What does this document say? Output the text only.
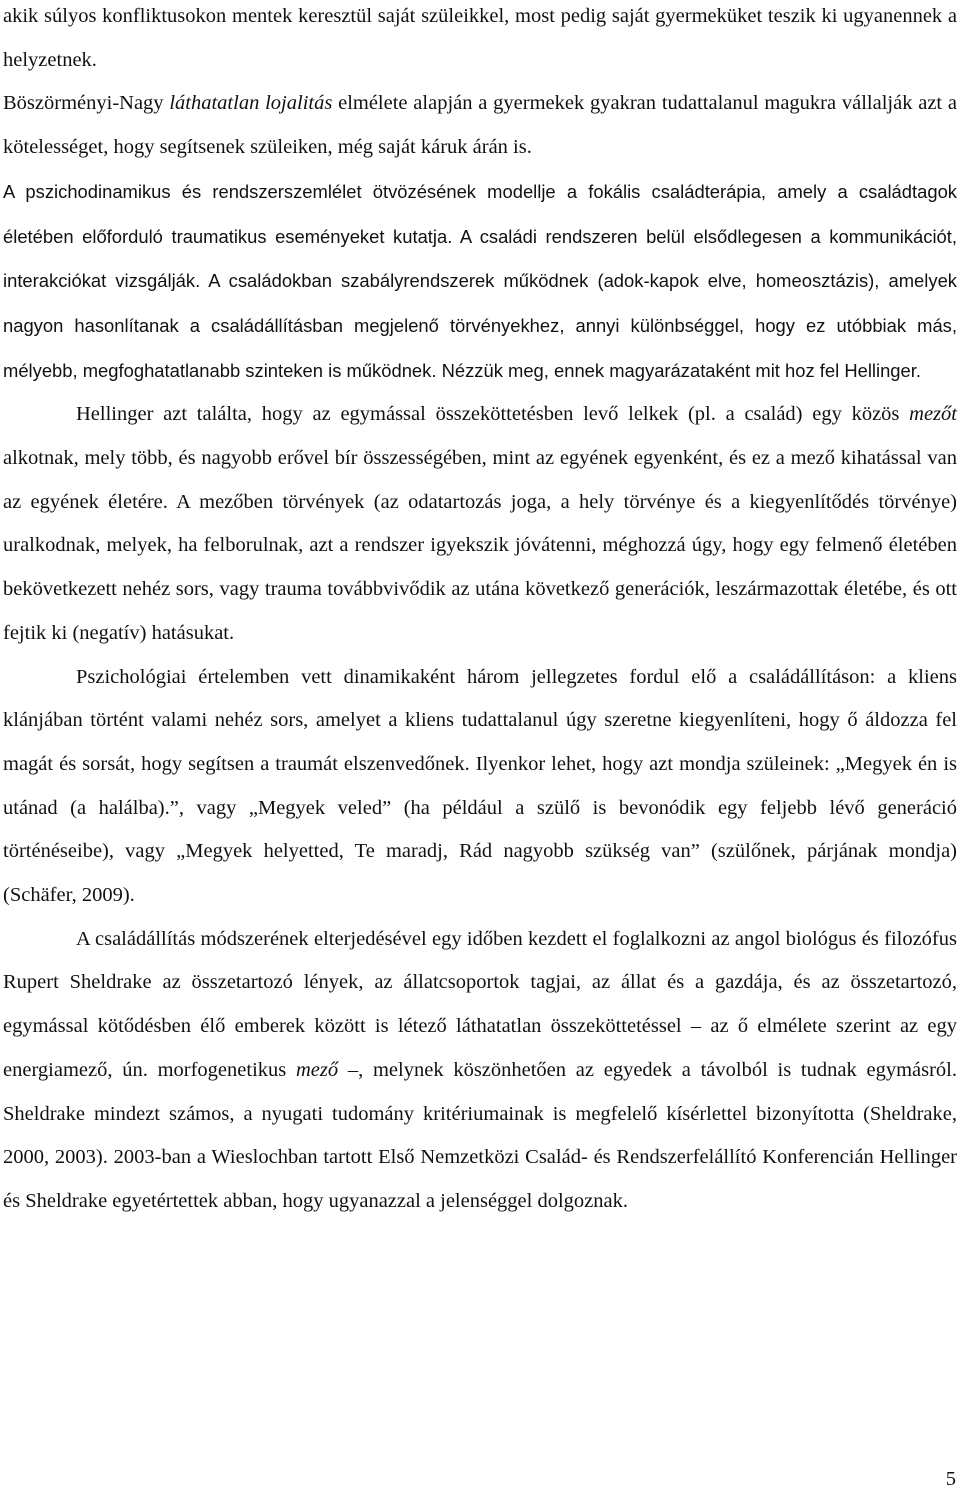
akik súlyos konfliktusokon mentek keresztül saját szüleikkel, most pedig saját gyermeküket teszik ki ugyanennek a helyzetnek.
Böszörményi-Nagy láthatatlan lojalitás elmélete alapján a gyermekek gyakran tudattalanul magukra vállalják azt a kötelességet, hogy segítsenek szüleiken, még saját káruk árán is.
A pszichodinamikus és rendszerszemlélet ötvözésének modellje a fokális családterápia, amely a családtagok életében előforduló traumatikus eseményeket kutatja. A családi rendszeren belül elsődlegesen a kommunikációt, interakciókat vizsgálják. A családokban szabályrendszerek működnek (adok-kapok elve, homeosztázis), amelyek nagyon hasonlítanak a családállításban megjelenő törvényekhez, annyi különbséggel, hogy ez utóbbiak más, mélyebb, megfoghatatlanabb szinteken is működnek. Nézzük meg, ennek magyarázataként mit hoz fel Hellinger.

Hellinger azt találta, hogy az egymással összeköttetésben levő lelkek (pl. a család) egy közös mezőt alkotnak, mely több, és nagyobb erővel bír összességében, mint az egyének egyenként, és ez a mező kihatással van az egyének életére. A mezőben törvények (az odatartozás joga, a hely törvénye és a kiegyenlítődés törvénye) uralkodnak, melyek, ha felborulnak, azt a rendszer igyekszik jóvátenni, méghozzá úgy, hogy egy felmenő életében bekövetkezett nehéz sors, vagy trauma továbbvivődik az utána következő generációk, leszármazottak életébe, és ott fejtik ki (negatív) hatásukat.

Pszichológiai értelemben vett dinamikaként három jellegzetes fordul elő a családállításon: a kliens klánjában történt valami nehéz sors, amelyet a kliens tudattalanul úgy szeretne kiegyenlíteni, hogy ő áldozza fel magát és sorsát, hogy segítsen a traumát elszenvedőnek. Ilyenkor lehet, hogy azt mondja szüleinek: „Megyek én is utánad (a halálba).”, vagy „Megyek veled” (ha például a szülő is bevonódik egy feljebb lévő generáció történéseibe), vagy „Megyek helyetted, Te maradj, Rád nagyobb szükség van” (szülőnek, párjának mondja) (Schäfer, 2009).

A családállítás módszerének elterjedésével egy időben kezdett el foglalkozni az angol biológus és filozófus Rupert Sheldrake az összetartozó lények, az állatcsoportok tagjai, az állat és a gazdája, és az összetartozó, egymással kötődésben élő emberek között is létező láthatatlan összeköttetéssel – az ő elmélete szerint az egy energiamező, ún. morfogenetikus mező –, melynek köszönhetően az egyedek a távolból is tudnak egymásról. Sheldrake mindezt számos, a nyugati tudomány kritériumainak is megfelelő kísérlettel bizonyította (Sheldrake, 2000, 2003). 2003-ban a Wieslochban tartott Első Nemzetközi Család- és Rendszerfelállító Konferencián Hellinger és Sheldrake egyetértettek abban, hogy ugyanazzal a jelenséggel dolgoznak.

5
